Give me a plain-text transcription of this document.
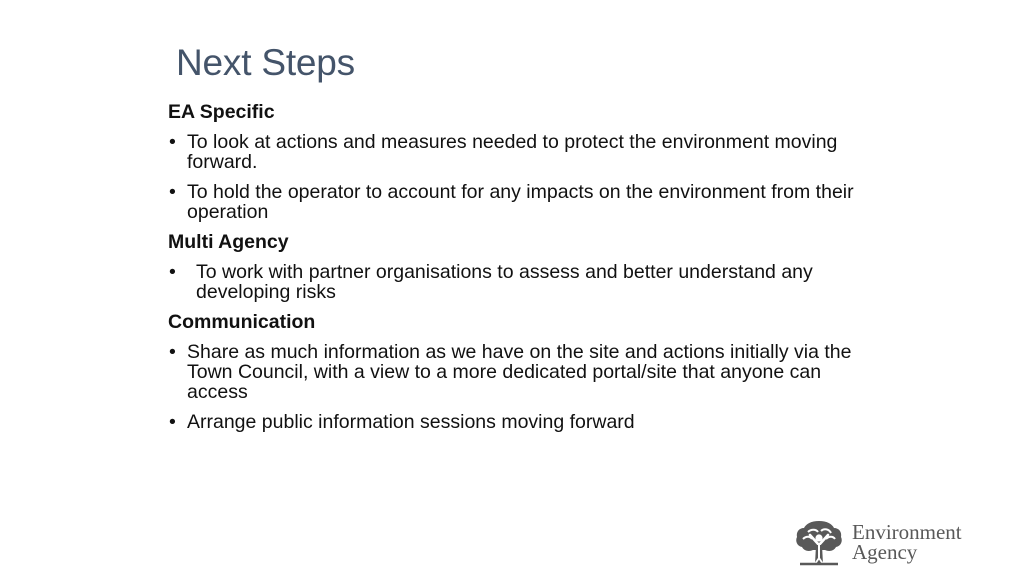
Next Steps
EA Specific
• To look at actions and measures needed to protect the environment moving forward.
• To hold the operator to account for any impacts on the environment from their operation
Multi Agency
• To work with partner organisations to assess and better understand any developing risks
Communication
• Share as much information as we have on the site and actions initially via the Town Council, with a view to a more dedicated portal/site that anyone can access
• Arrange public information sessions moving forward
Environment
Agency
